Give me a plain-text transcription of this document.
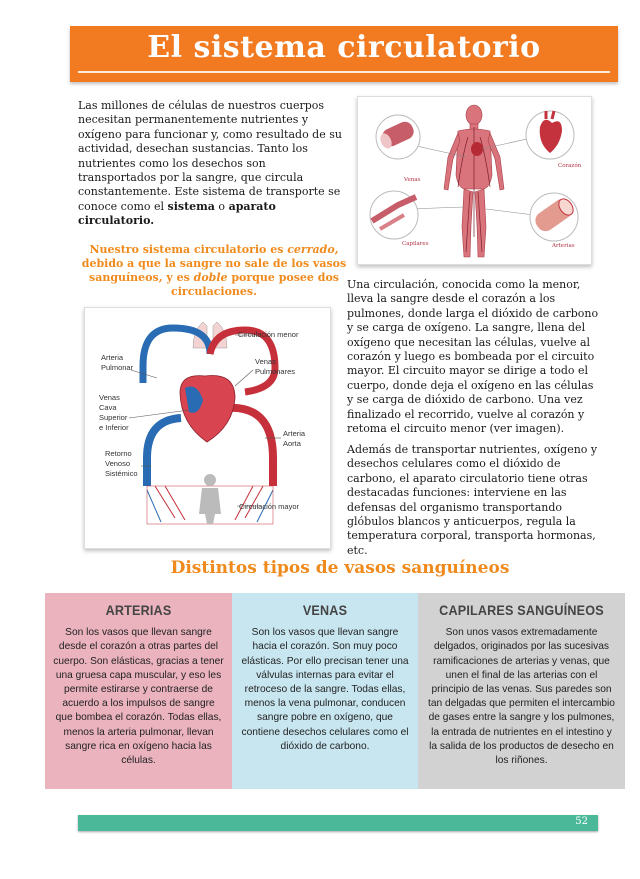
El sistema circulatorio
Las millones de células de nuestros cuerpos necesitan permanentemente nutrientes y oxígeno para funcionar y, como resultado de su actividad, desechan sustancias. Tanto los nutrientes como los desechos son transportados por la sangre, que circula constantemente. Este sistema de transporte se conoce como el sistema o aparato circulatorio.
Nuestro sistema circulatorio es cerrado, debido a que la sangre no sale de los vasos sanguíneos, y es doble porque posee dos circulaciones.
Venas
Corazón
Capilares	Arterias
Circulación menor
Arteria
Pulmonar
Venas
Pulmonares
Venas
Cava
Superior
e Inferior
Arteria
Aorta
Retorno
Venoso
Sistémico
Circulación mayor
Una circulación, conocida como la menor, lleva la sangre desde el corazón a los pulmones, donde larga el dióxido de carbono y se carga de oxígeno. La sangre, llena del oxígeno que necesitan las células, vuelve al corazón y luego es bombeada por el circuito mayor. El circuito mayor se dirige a todo el cuerpo, donde deja el oxígeno en las células y se carga de dióxido de carbono. Una vez finalizado el recorrido, vuelve al corazón y retoma el circuito menor (ver imagen).
Además de transportar nutrientes, oxígeno y desechos celulares como el dióxido de carbono, el aparato circulatorio tiene otras destacadas funciones: interviene en las defensas del organismo transportando glóbulos blancos y anticuerpos, regula la temperatura corporal, transporta hormonas, etc.
Distintos tipos de vasos sanguíneos
ARTERIAS
Son los vasos que llevan sangre desde el corazón a otras partes del cuerpo. Son elásticas, gracias a tener una gruesa capa muscular, y eso les permite estirarse y contraerse de acuerdo a los impulsos de sangre que bombea el corazón. Todas ellas, menos la arteria pulmonar, llevan sangre rica en oxígeno hacia las células.
VENAS
Son los vasos que llevan sangre hacia el corazón. Son muy poco elásticas. Por ello precisan tener una válvulas internas para evitar el retroceso de la sangre. Todas ellas, menos la vena pulmonar, conducen sangre pobre en oxígeno, que contiene desechos celulares como el dióxido de carbono.
CAPILARES SANGUÍNEOS
Son unos vasos extremadamente delgados, originados por las sucesivas ramificaciones de arterias y venas, que unen el final de las arterias con el principio de las venas. Sus paredes son tan delgadas que permiten el intercambio de gases entre la sangre y los pulmones, la entrada de nutrientes en el intestino y la salida de los productos de desecho en los riñones.
52
